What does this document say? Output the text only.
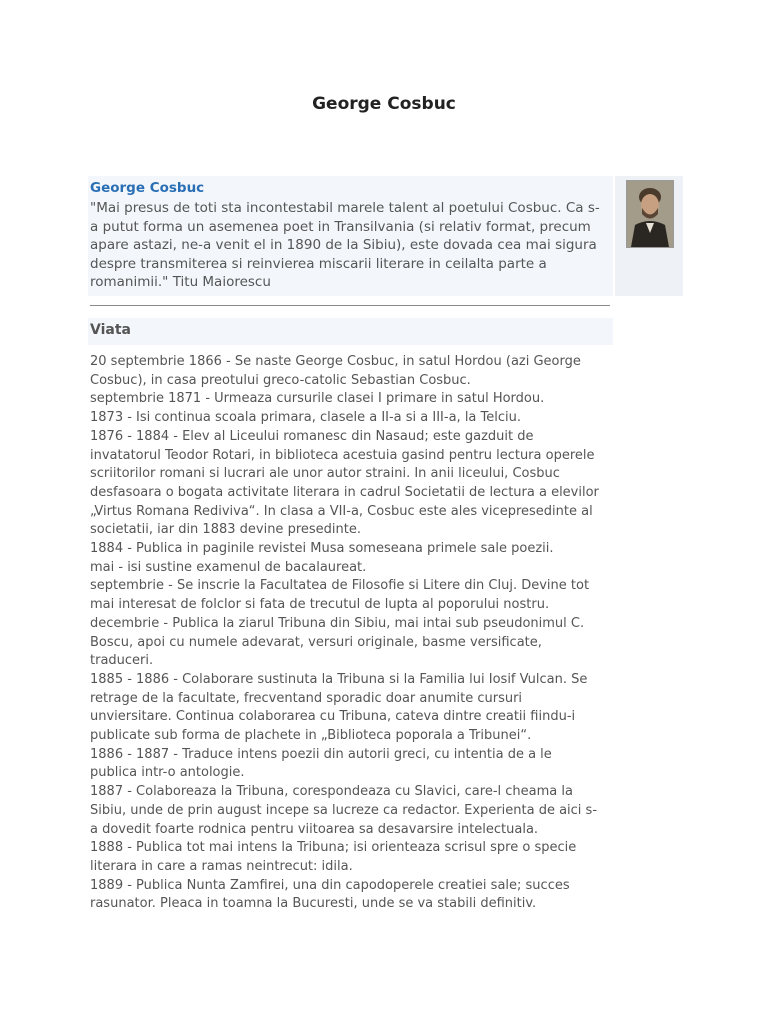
George Cosbuc
George Cosbuc
"Mai presus de toti sta incontestabil marele talent al poetului Cosbuc. Ca s-a putut forma un asemenea poet in Transilvania (si relativ format, precum apare astazi, ne-a venit el in 1890 de la Sibiu), este dovada cea mai sigura despre transmiterea si reinvierea miscarii literare in ceilalta parte a romanimii." Titu Maiorescu
Viata
20 septembrie 1866 - Se naste George Cosbuc, in satul Hordou (azi George
Cosbuc), in casa preotului greco-catolic Sebastian Cosbuc.
septembrie 1871 - Urmeaza cursurile clasei I primare in satul Hordou.
1873 - Isi continua scoala primara, clasele a II-a si a III-a, la Telciu.
1876 - 1884 - Elev al Liceului romanesc din Nasaud; este gazduit de
invatatorul Teodor Rotari, in biblioteca acestuia gasind pentru lectura operele
scriitorilor romani si lucrari ale unor autor straini. In anii liceului, Cosbuc
desfasoara o bogata activitate literara in cadrul Societatii de lectura a elevilor
„Virtus Romana Rediviva“. In clasa a VII-a, Cosbuc este ales vicepresedinte al
societatii, iar din 1883 devine presedinte.
1884 - Publica in paginile revistei Musa someseana primele sale poezii.
mai - isi sustine examenul de bacalaureat.
septembrie - Se inscrie la Facultatea de Filosofie si Litere din Cluj. Devine tot
mai interesat de folclor si fata de trecutul de lupta al poporului nostru.
decembrie - Publica la ziarul Tribuna din Sibiu, mai intai sub pseudonimul C.
Boscu, apoi cu numele adevarat, versuri originale, basme versificate,
traduceri.
1885 - 1886 - Colaborare sustinuta la Tribuna si la Familia lui Iosif Vulcan. Se
retrage de la facultate, frecventand sporadic doar anumite cursuri
unviersitare. Continua colaborarea cu Tribuna, cateva dintre creatii fiindu-i
publicate sub forma de plachete in „Biblioteca poporala a Tribunei“.
1886 - 1887 - Traduce intens poezii din autorii greci, cu intentia de a le
publica intr-o antologie.
1887 - Colaboreaza la Tribuna, corespondeaza cu Slavici, care-l cheama la
Sibiu, unde de prin august incepe sa lucreze ca redactor. Experienta de aici s-
a dovedit foarte rodnica pentru viitoarea sa desavarsire intelectuala.
1888 - Publica tot mai intens la Tribuna; isi orienteaza scrisul spre o specie
literara in care a ramas neintrecut: idila.
1889 - Publica Nunta Zamfirei, una din capodoperele creatiei sale; succes
rasunator. Pleaca in toamna la Bucuresti, unde se va stabili definitiv.
